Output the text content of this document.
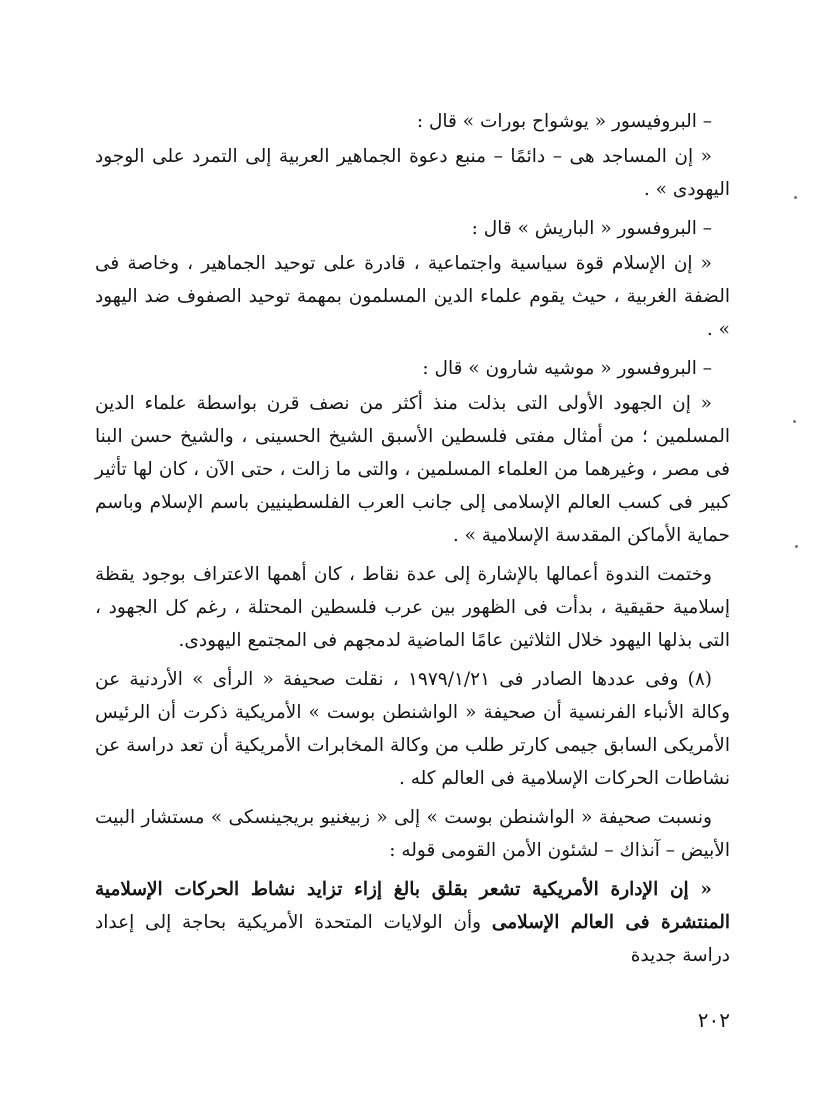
– البروفيسور « يوشواح بورات » قال :

« إن المساجد هى – دائمًا – منبع دعوة الجماهير العربية إلى التمرد على الوجود اليهودى » .

– البروفسور « الباريش » قال :

« إن الإسلام قوة سياسية واجتماعية ، قادرة على توحيد الجماهير ، وخاصة فى الضفة الغربية ، حيث يقوم علماء الدين المسلمون بمهمة توحيد الصفوف ضد اليهود » .

– البروفسور « موشيه شارون » قال :

« إن الجهود الأولى التى بذلت منذ أكثر من نصف قرن بواسطة علماء الدين المسلمين ؛ من أمثال مفتى فلسطين الأسبق الشيخ الحسينى ، والشيخ حسن البنا فى مصر ، وغيرهما من العلماء المسلمين ، والتى ما زالت ، حتى الآن ، كان لها تأثير كبير فى كسب العالم الإسلامى إلى جانب العرب الفلسطينيين باسم الإسلام وباسم حماية الأماكن المقدسة الإسلامية » .

وختمت الندوة أعمالها بالإشارة إلى عدة نقاط ، كان أهمها الاعتراف بوجود يقظة إسلامية حقيقية ، بدأت فى الظهور بين عرب فلسطين المحتلة ، رغم كل الجهود ، التى بذلها اليهود خلال الثلاثين عامًا الماضية لدمجهم فى المجتمع اليهودى.

(٨) وفى عددها الصادر فى ١٩٧٩/١/٢١ ، نقلت صحيفة « الرأى » الأردنية عن وكالة الأنباء الفرنسية أن صحيفة « الواشنطن بوست » الأمريكية ذكرت أن الرئيس الأمريكى السابق جيمى كارتر طلب من وكالة المخابرات الأمريكية أن تعد دراسة عن نشاطات الحركات الإسلامية فى العالم كله .

ونسبت صحيفة « الواشنطن بوست » إلى « زبيغنيو بريجينسكى » مستشار البيت الأبيض – آنذاك – لشئون الأمن القومى قوله :

« إن الإدارة الأمريكية تشعر بقلق بالغ إزاء تزايد نشاط الحركات الإسلامية المنتشرة فى العالم الإسلامى وأن الولايات المتحدة الأمريكية بحاجة إلى إعداد دراسة جديدة

٢٠٢
